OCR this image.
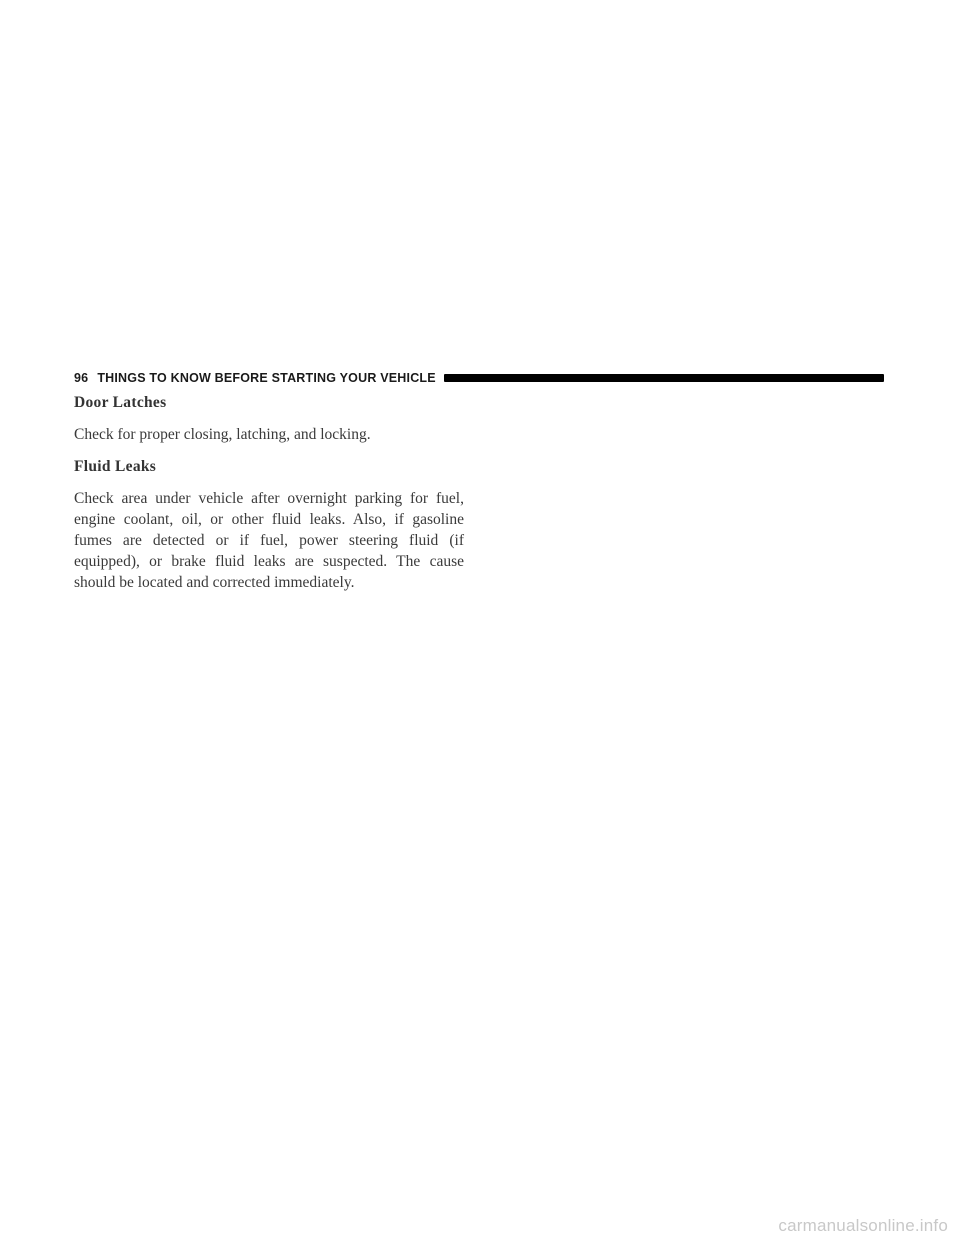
96 THINGS TO KNOW BEFORE STARTING YOUR VEHICLE

Door Latches

Check for proper closing, latching, and locking.

Fluid Leaks

Check area under vehicle after overnight parking for fuel, engine coolant, oil, or other fluid leaks. Also, if gasoline fumes are detected or if fuel, power steering fluid (if equipped), or brake fluid leaks are suspected. The cause should be located and corrected immediately.

carmanualsonline.info
